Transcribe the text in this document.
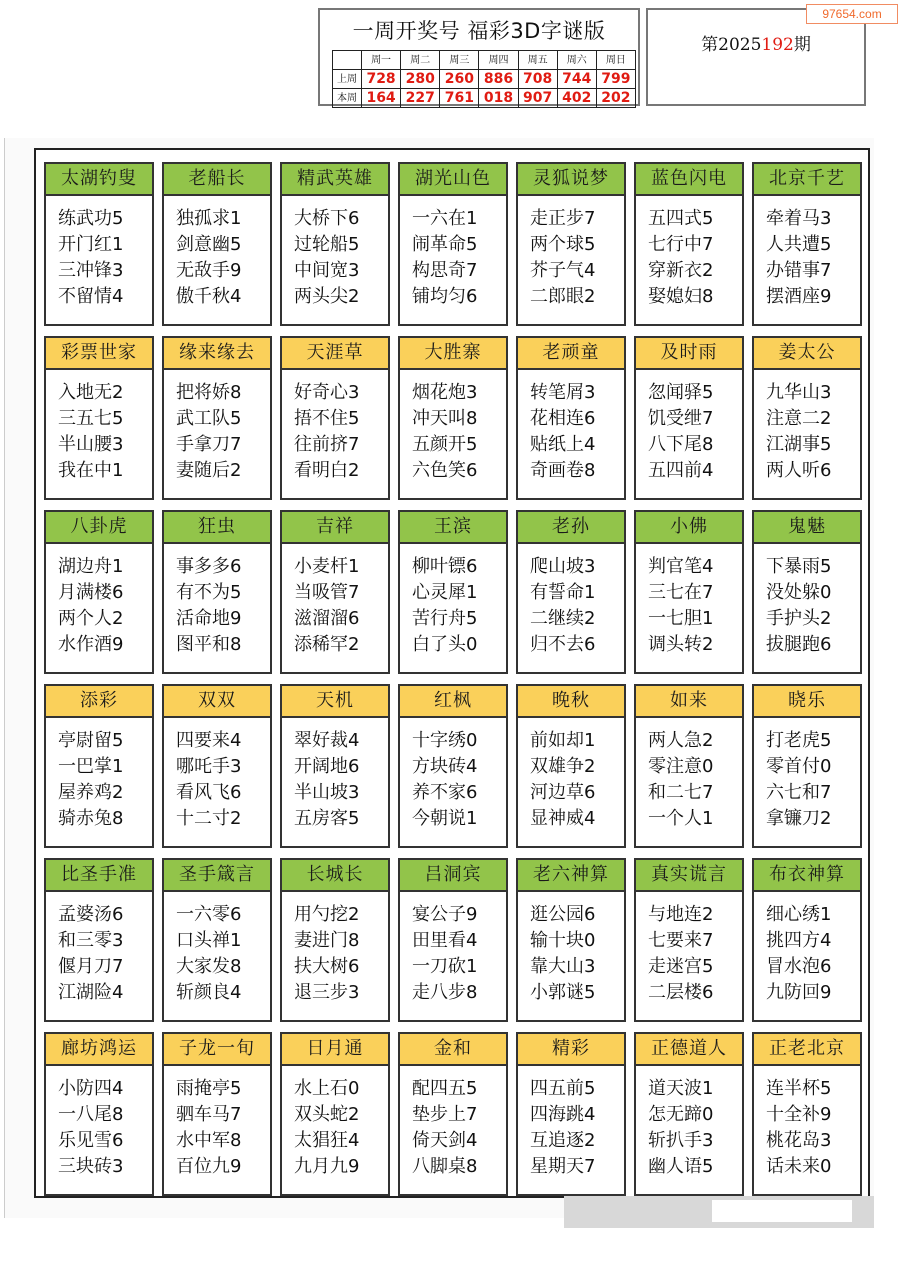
一周开奖号 福彩3D字谜版
	周一	周二	周三	周四	周五	周六	周日
上周	728	280	260	886	708	744	799
本周	164	227	761	018	907	402	202
第2025192期
97654.com
太湖钓叟
练武功5
开门红1
三冲锋3
不留情4
老船长
独孤求1
剑意幽5
无敌手9
傲千秋4
精武英雄
大桥下6
过轮船5
中间宽3
两头尖2
湖光山色
一六在1
闹革命5
构思奇7
铺均匀6
灵狐说梦
走正步7
两个球5
芥子气4
二郎眼2
蓝色闪电
五四式5
七行中7
穿新衣2
娶媳妇8
北京千艺
牵着马3
人共遭5
办错事7
摆酒座9
彩票世家
入地无2
三五七5
半山腰3
我在中1
缘来缘去
把将娇8
武工队5
手拿刀7
妻随后2
天涯草
好奇心3
捂不住5
往前挤7
看明白2
大胜寨
烟花炮3
冲天叫8
五颜开5
六色笑6
老顽童
转笔屑3
花相连6
贴纸上4
奇画卷8
及时雨
忽闻驿5
饥受绁7
八下尾8
五四前4
姜太公
九华山3
注意二2
江湖事5
两人听6
八卦虎
湖边舟1
月满楼6
两个人2
水作酒9
狂虫
事多多6
有不为5
活命地9
图平和8
吉祥
小麦杆1
当吸管7
滋溜溜6
添稀罕2
王滨
柳叶镖6
心灵犀1
苦行舟5
白了头0
老孙
爬山坡3
有誓命1
二继续2
归不去6
小佛
判官笔4
三七在7
一七胆1
调头转2
鬼魅
下暴雨5
没处躲0
手护头2
拔腿跑6
添彩
亭尉留5
一巴掌1
屋养鸡2
骑赤兔8
双双
四要来4
哪吒手3
看风飞6
十二寸2
天机
翠好裁4
开阔地6
半山坡3
五房客5
红枫
十字绣0
方块砖4
养不家6
今朝说1
晚秋
前如却1
双雄争2
河边草6
显神威4
如来
两人急2
零注意0
和二七7
一个人1
晓乐
打老虎5
零首付0
六七和7
拿镰刀2
比圣手准
孟婆汤6
和三零3
偃月刀7
江湖险4
圣手箴言
一六零6
口头禅1
大家发8
斩颜良4
长城长
用勺挖2
妻进门8
扶大树6
退三步3
吕洞宾
宴公子9
田里看4
一刀砍1
走八步8
老六神算
逛公园6
输十块0
靠大山3
小郭谜5
真实谎言
与地连2
七要来7
走迷宫5
二层楼6
布衣神算
细心绣1
挑四方4
冒水泡6
九防回9
廊坊鸿运
小防四4
一八尾8
乐见雪6
三块砖3
子龙一旬
雨掩亭5
驷车马7
水中军8
百位九9
日月通
水上石0
双头蛇2
太猖狂4
九月九9
金和
配四五5
垫步上7
倚天剑4
八脚桌8
精彩
四五前5
四海跳4
互追逐2
星期天7
正德道人
道天波1
怎无蹄0
斩扒手3
幽人语5
正老北京
连半杯5
十全补9
桃花岛3
话未来0
